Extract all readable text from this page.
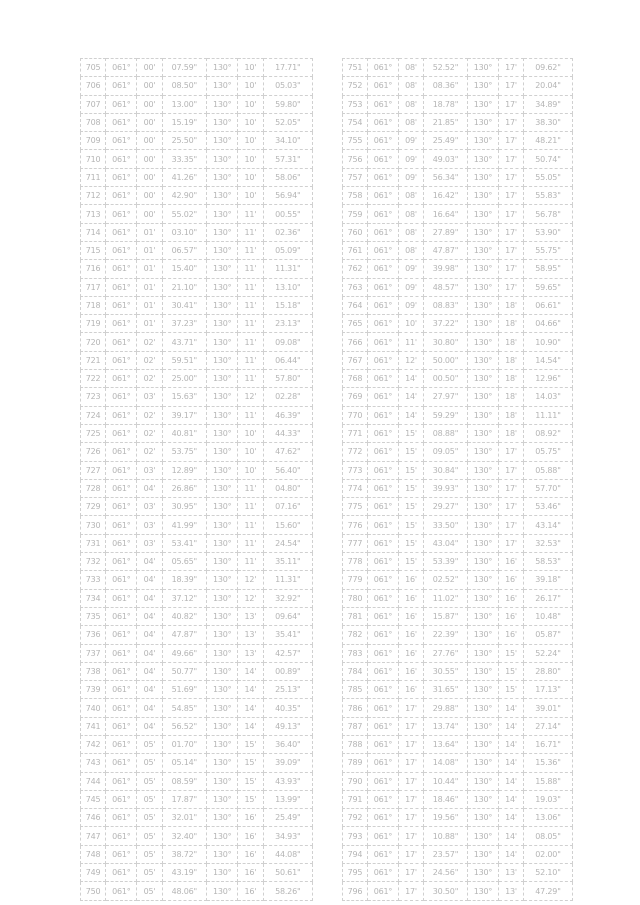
705	061°	00'	07.59"	130°	10'	17.71"
706	061°	00'	08.50"	130°	10'	05.03"
707	061°	00'	13.00"	130°	10'	59.80"
708	061°	00'	15.19"	130°	10'	52.05"
709	061°	00'	25.50"	130°	10'	34.10"
710	061°	00'	33.35"	130°	10'	57.31"
711	061°	00'	41.26"	130°	10'	58.06"
712	061°	00'	42.90"	130°	10'	56.94"
713	061°	00'	55.02"	130°	11'	00.55"
714	061°	01'	03.10"	130°	11'	02.36"
715	061°	01'	06.57"	130°	11'	05.09"
716	061°	01'	15.40"	130°	11'	11.31"
717	061°	01'	21.10"	130°	11'	13.10"
718	061°	01'	30.41"	130°	11'	15.18"
719	061°	01'	37.23"	130°	11'	23.13"
720	061°	02'	43.71"	130°	11'	09.08"
721	061°	02'	59.51"	130°	11'	06.44"
722	061°	02'	25.00"	130°	11'	57.80"
723	061°	03'	15.63"	130°	12'	02.28"
724	061°	02'	39.17"	130°	11'	46.39"
725	061°	02'	40.81"	130°	10'	44.33"
726	061°	02'	53.75"	130°	10'	47.62"
727	061°	03'	12.89"	130°	10'	56.40"
728	061°	04'	26.86"	130°	11'	04.80"
729	061°	03'	30.95"	130°	11'	07.16"
730	061°	03'	41.99"	130°	11'	15.60"
731	061°	03'	53.41"	130°	11'	24.54"
732	061°	04'	05.65"	130°	11'	35.11"
733	061°	04'	18.39"	130°	12'	11.31"
734	061°	04'	37.12"	130°	12'	32.92"
735	061°	04'	40.82"	130°	13'	09.64"
736	061°	04'	47.87"	130°	13'	35.41"
737	061°	04'	49.66"	130°	13'	42.57"
738	061°	04'	50.77"	130°	14'	00.89"
739	061°	04'	51.69"	130°	14'	25.13"
740	061°	04'	54.85"	130°	14'	40.35"
741	061°	04'	56.52"	130°	14'	49.13"
742	061°	05'	01.70"	130°	15'	36.40"
743	061°	05'	05.14"	130°	15'	39.09"
744	061°	05'	08.59"	130°	15'	43.93"
745	061°	05'	17.87"	130°	15'	13.99"
746	061°	05'	32.01"	130°	16'	25.49"
747	061°	05'	32.40"	130°	16'	34.93"
748	061°	05'	38.72"	130°	16'	44.08"
749	061°	05'	43.19"	130°	16'	50.61"
750	061°	05'	48.06"	130°	16'	58.26"
751	061°	08'	52.52"	130°	17'	09.62"
752	061°	08'	08.36"	130°	17'	20.04"
753	061°	08'	18.78"	130°	17'	34.89"
754	061°	08'	21.85"	130°	17'	38.30"
755	061°	09'	25.49"	130°	17'	48.21"
756	061°	09'	49.03"	130°	17'	50.74"
757	061°	09'	56.34"	130°	17'	55.05"
758	061°	08'	16.42"	130°	17'	55.83"
759	061°	08'	16.64"	130°	17'	56.78"
760	061°	08'	27.89"	130°	17'	53.90"
761	061°	08'	47.87"	130°	17'	55.75"
762	061°	09'	39.98"	130°	17'	58.95"
763	061°	09'	48.57"	130°	17'	59.65"
764	061°	09'	08.83"	130°	18'	06.61"
765	061°	10'	37.22"	130°	18'	04.66"
766	061°	11'	30.80"	130°	18'	10.90"
767	061°	12'	50.00"	130°	18'	14.54"
768	061°	14'	00.50"	130°	18'	12.96"
769	061°	14'	27.97"	130°	18'	14.03"
770	061°	14'	59.29"	130°	18'	11.11"
771	061°	15'	08.88"	130°	18'	08.92"
772	061°	15'	09.05"	130°	17'	05.75"
773	061°	15'	30.84"	130°	17'	05.88"
774	061°	15'	39.93"	130°	17'	57.70"
775	061°	15'	29.27"	130°	17'	53.46"
776	061°	15'	33.50"	130°	17'	43.14"
777	061°	15'	43.04"	130°	17'	32.53"
778	061°	15'	53.39"	130°	16'	58.53"
779	061°	16'	02.52"	130°	16'	39.18"
780	061°	16'	11.02"	130°	16'	26.17"
781	061°	16'	15.87"	130°	16'	10.48"
782	061°	16'	22.39"	130°	16'	05.87"
783	061°	16'	27.76"	130°	15'	52.24"
784	061°	16'	30.55"	130°	15'	28.80"
785	061°	16'	31.65"	130°	15'	17.13"
786	061°	17'	29.88"	130°	14'	39.01"
787	061°	17'	13.74"	130°	14'	27.14"
788	061°	17'	13.64"	130°	14'	16.71"
789	061°	17'	14.08"	130°	14'	15.36"
790	061°	17'	10.44"	130°	14'	15.88"
791	061°	17'	18.46"	130°	14'	19.03"
792	061°	17'	19.56"	130°	14'	13.06"
793	061°	17'	10.88"	130°	14'	08.05"
794	061°	17'	23.57"	130°	14'	02.00"
795	061°	17'	24.56"	130°	13'	52.10"
796	061°	17'	30.50"	130°	13'	47.29"
